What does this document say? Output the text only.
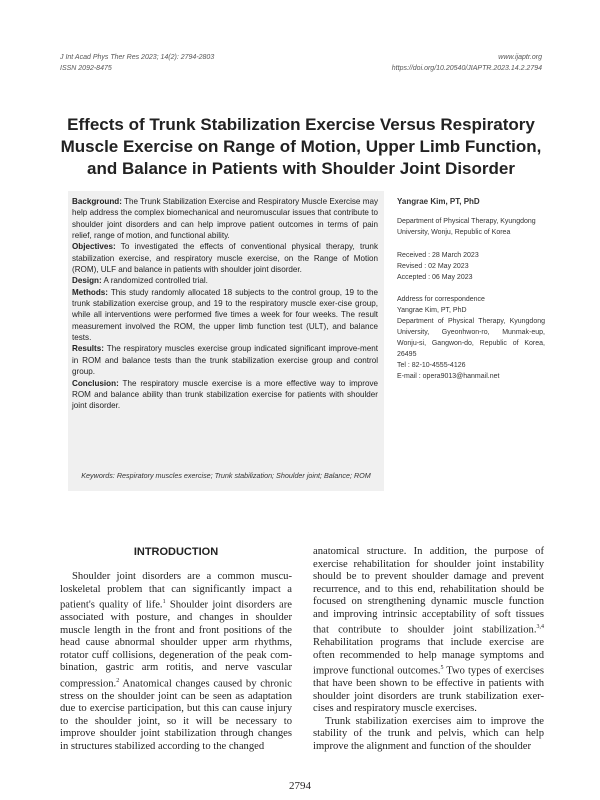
J Int Acad Phys Ther Res 2023; 14(2): 2794-2803
ISSN 2092-8475
www.ijaptr.org
https://doi.org/10.20540/JIAPTR.2023.14.2.2794
Effects of Trunk Stabilization Exercise Versus Respiratory Muscle Exercise on Range of Motion, Upper Limb Function, and Balance in Patients with Shoulder Joint Disorder

Background: The Trunk Stabilization Exercise and Respiratory Muscle Exercise may help address the complex biomechanical and neuromuscular issues that contribute to shoulder joint disorders and can help improve patient outcomes in terms of pain relief, range of motion, and functional ability.

Objectives: To investigated the effects of conventional physical therapy, trunk stabilization exercise, and respiratory muscle exercise, on the Range of Motion (ROM), ULF and balance in patients with shoulder joint disorder.

Design: A randomized controlled trial.

Methods: This study randomly allocated 18 subjects to the control group, 19 to the trunk stabilization exercise group, and 19 to the respiratory muscle exer-cise group, while all interventions were performed five times a week for four weeks. The result measurement involved the ROM, the upper limb function test (ULT), and balance tests.

Results: The respiratory muscles exercise group indicated significant improve-ment in ROM and balance tests than the trunk stabilization exercise group and control group.

Conclusion: The respiratory muscle exercise is a more effective way to improve ROM and balance ability than trunk stabilization exercise for patients with shoulder joint disorder.

Keywords: Respiratory muscles exercise; Trunk stabilization; Shoulder joint; Balance; ROM
Yangrae Kim, PT, PhD
Department of Physical Therapy, Kyungdong University, Wonju, Republic of Korea
Received : 28 March 2023
Revised : 02 May 2023
Accepted : 06 May 2023
Address for correspondence
Yangrae Kim, PT, PhD
Department of Physical Therapy, Kyungdong University, Gyeonhwon-ro, Munmak-eup, Wonju-si, Gangwon-do, Republic of Korea, 26495
Tel : 82-10-4555-4126
E-mail : opera9013@hanmail.net
INTRODUCTION

Shoulder joint disorders are a common muscu-loskeletal problem that can significantly impact a patient's quality of life.$^1$ Shoulder joint disorders are associated with posture, and changes in shoulder muscle length in the front and front positions of the head cause abnormal shoulder upper arm rhythms, rotator cuff collisions, degeneration of the peak com-bination, gastric arm rotitis, and nerve vascular compression.$^2$ Anatomical changes caused by chronic stress on the shoulder joint can be seen as adaptation due to exercise participation, but this can cause injury to the shoulder joint, so it will be necessary to improve shoulder joint stabilization through changes in structures stabilized according to the changed

anatomical structure. In addition, the purpose of exercise rehabilitation for shoulder joint instability should be to prevent shoulder damage and prevent recurrence, and to this end, rehabilitation should be focused on strengthening dynamic muscle function and improving intrinsic acceptability of soft tissues that contribute to shoulder joint stabilization.$^{3,4}$ Rehabilitation programs that include exercise are often recommended to help manage symptoms and improve functional outcomes.$^5$ Two types of exercises that have been shown to be effective in patients with shoulder joint disorders are trunk stabilization exer-cises and respiratory muscle exercises.

Trunk stabilization exercises aim to improve the stability of the trunk and pelvis, which can help improve the alignment and function of the shoulder

2794
